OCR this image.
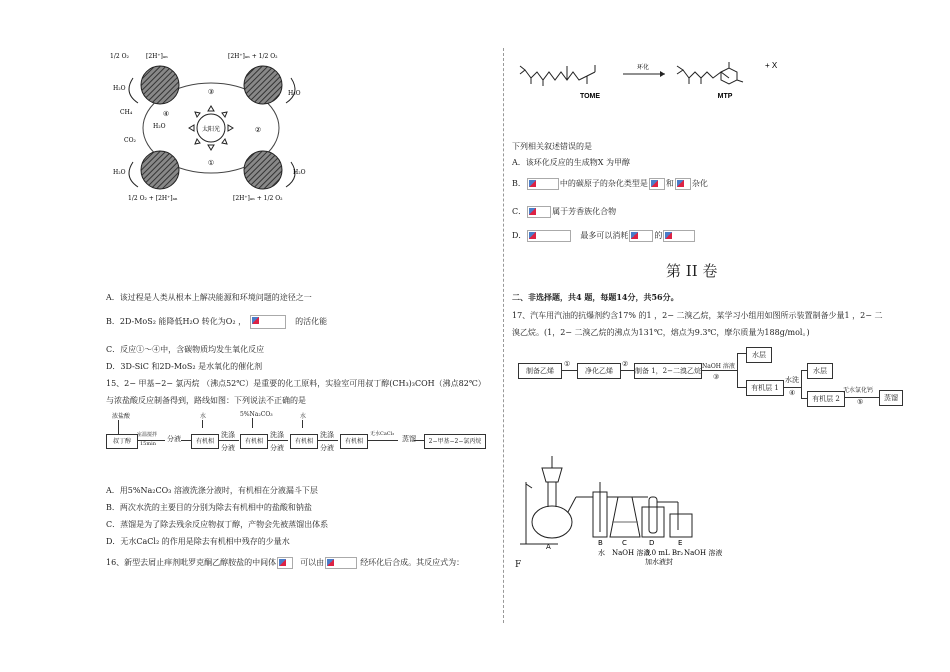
太阳光
1/2 O₂	[2H⁺]ₐₙ	[2H⁺]ₐₙ + 1/2 O₂
H₂O
CH₄
H₂O
H₂O
CO₂
H₂O	H₂O
1/2 O₂ + [2H⁺]ₐₙ	[2H⁺]ₐₙ + 1/2 O₂
①
②
③
④
A．该过程是人类从根本上解决能源和环境问题的途径之一
B．2D-MoS₂ 能降低H₂O 转化为O₂ ，	的活化能
C．反应①～④中，含碳物质均发生氧化反应
D．3D-SiC 和2D-MoS₂ 是水氧化的催化剂
15、2− 甲基−2− 氯丙烷 （沸点52℃）是重要的化工原料，实验室可用叔丁醇(CH₃)₃COH（沸点82℃）
与浓盐酸反应制备得到，路线如图：下列说法不正确的是
浓盐酸	水	5%Na₂CO₃	水
叔丁醇
室温搅拌
15min
分液	有机相
洗涤
分液
有机相
洗涤
分液
有机相
洗涤
分液
有机相
无水CaCl₂
蒸馏	2−甲基−2−氯丙烷
A．用5%Na₂CO₃ 溶液洗涤分液时，有机相在分液漏斗下层
B．两次水洗的主要目的分别为除去有机相中的盐酸和钠盐
C．蒸馏是为了除去残余反应物叔丁醇，产物会先被蒸馏出体系
D．无水CaCl₂ 的作用是除去有机相中残存的少量水
16、新型去屑止痒剂吡罗克酮乙醇胺盐的中间体	可以由	经环化后合成。其反应式为：
TOME
环化
MTP
+ X
下列相关叙述错误的是
A．该环化反应的生成物X 为甲醇
B．	中的碳原子的杂化类型是 和 杂化
C．	属于芳香族化合物
D．	最多可以消耗	的
第 II 卷
二、非选择题，共4 题，每题14分，共56分。
17、汽车用汽油的抗爆剂约含17% 的1 ，2− 二溴乙烷，某学习小组用如图所示装置制备少量1 ，2− 二
溴乙烷。(1，2− 二溴乙烷的沸点为131℃，熔点为9.3℃，摩尔质量为188g/mol。)
制备乙烯
①
净化乙烯
②
制备 1，2−二溴乙烷
NaOH 溶液
③
水层
有机层 1
水洗
④
水层
有机层 2
无水氯化钙
⑤	蒸馏
A	B	C	D	E
水 NaOH 溶液
3.0 mL Br₂
加水液封
NaOH 溶液
F
